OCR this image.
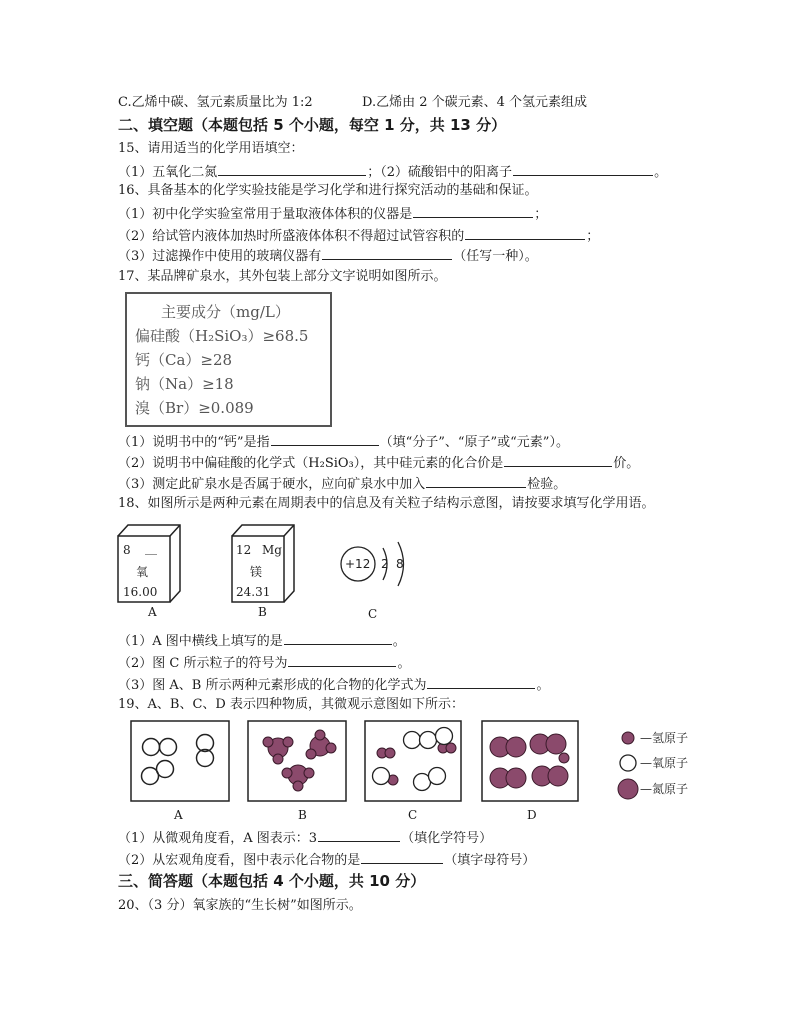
C.乙烯中碳、氢元素质量比为 1:2	D.乙烯由 2 个碳元素、4 个氢元素组成
二、填空题（本题包括 5 个小题，每空 1 分，共 13 分）
15、请用适当的化学用语填空：
（1）五氧化二氮	；（2）硫酸铝中的阳离子	。
16、具备基本的化学实验技能是学习化学和进行探究活动的基础和保证。
（1）初中化学实验室常用于量取液体体积的仪器是	；
（2）给试管内液体加热时所盛液体体积不得超过试管容积的	；
（3）过滤操作中使用的玻璃仪器有	（任写一种）。
17、某品牌矿泉水，其外包装上部分文字说明如图所示。
主要成分（mg/L）
偏硅酸（H₂SiO₃）≥68.5
钙（Ca）≥28
钠（Na）≥18
溴（Br）≥0.089
（1）说明书中的“钙”是指	（填“分子”、“原子”或“元素”）。
（2）说明书中偏硅酸的化学式（H₂SiO₃），其中硅元素的化合价是	价。
（3）测定此矿泉水是否属于硬水，应向矿泉水中加入	检验。
18、如图所示是两种元素在周期表中的信息及有关粒子结构示意图，请按要求填写化学用语。
8 __
氧
16.00
12 Mg
镁
24.31
+12 2 8
A	B	C
（1）A 图中横线上填写的是	。
（2）图 C 所示粒子的符号为	。
（3）图 A、B 所示两种元素形成的化合物的化学式为	。
19、A、B、C、D 表示四种物质，其微观示意图如下所示：
—氢原子
—氧原子
—氮原子
A	B	C	D
（1）从微观角度看，A 图表示：3	（填化学符号）
（2）从宏观角度看，图中表示化合物的是	（填字母符号）
三、简答题（本题包括 4 个小题，共 10 分）
20、（3 分）氧家族的“生长树”如图所示。
